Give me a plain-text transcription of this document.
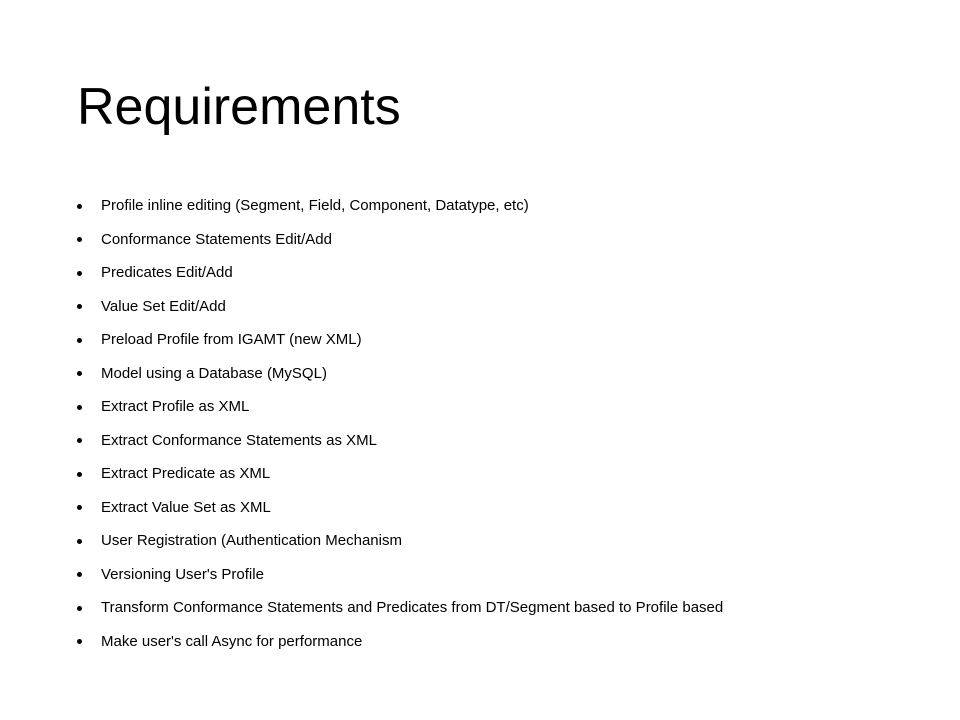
Requirements
Profile inline editing (Segment, Field, Component, Datatype, etc)
Conformance Statements Edit/Add
Predicates Edit/Add
Value Set Edit/Add
Preload Profile from IGAMT (new XML)
Model using a Database (MySQL)
Extract Profile as XML
Extract Conformance Statements as XML
Extract Predicate as XML
Extract Value Set as XML
User Registration (Authentication Mechanism
Versioning User's Profile
Transform Conformance Statements and Predicates from DT/Segment based to Profile based
Make user's call Async for performance
